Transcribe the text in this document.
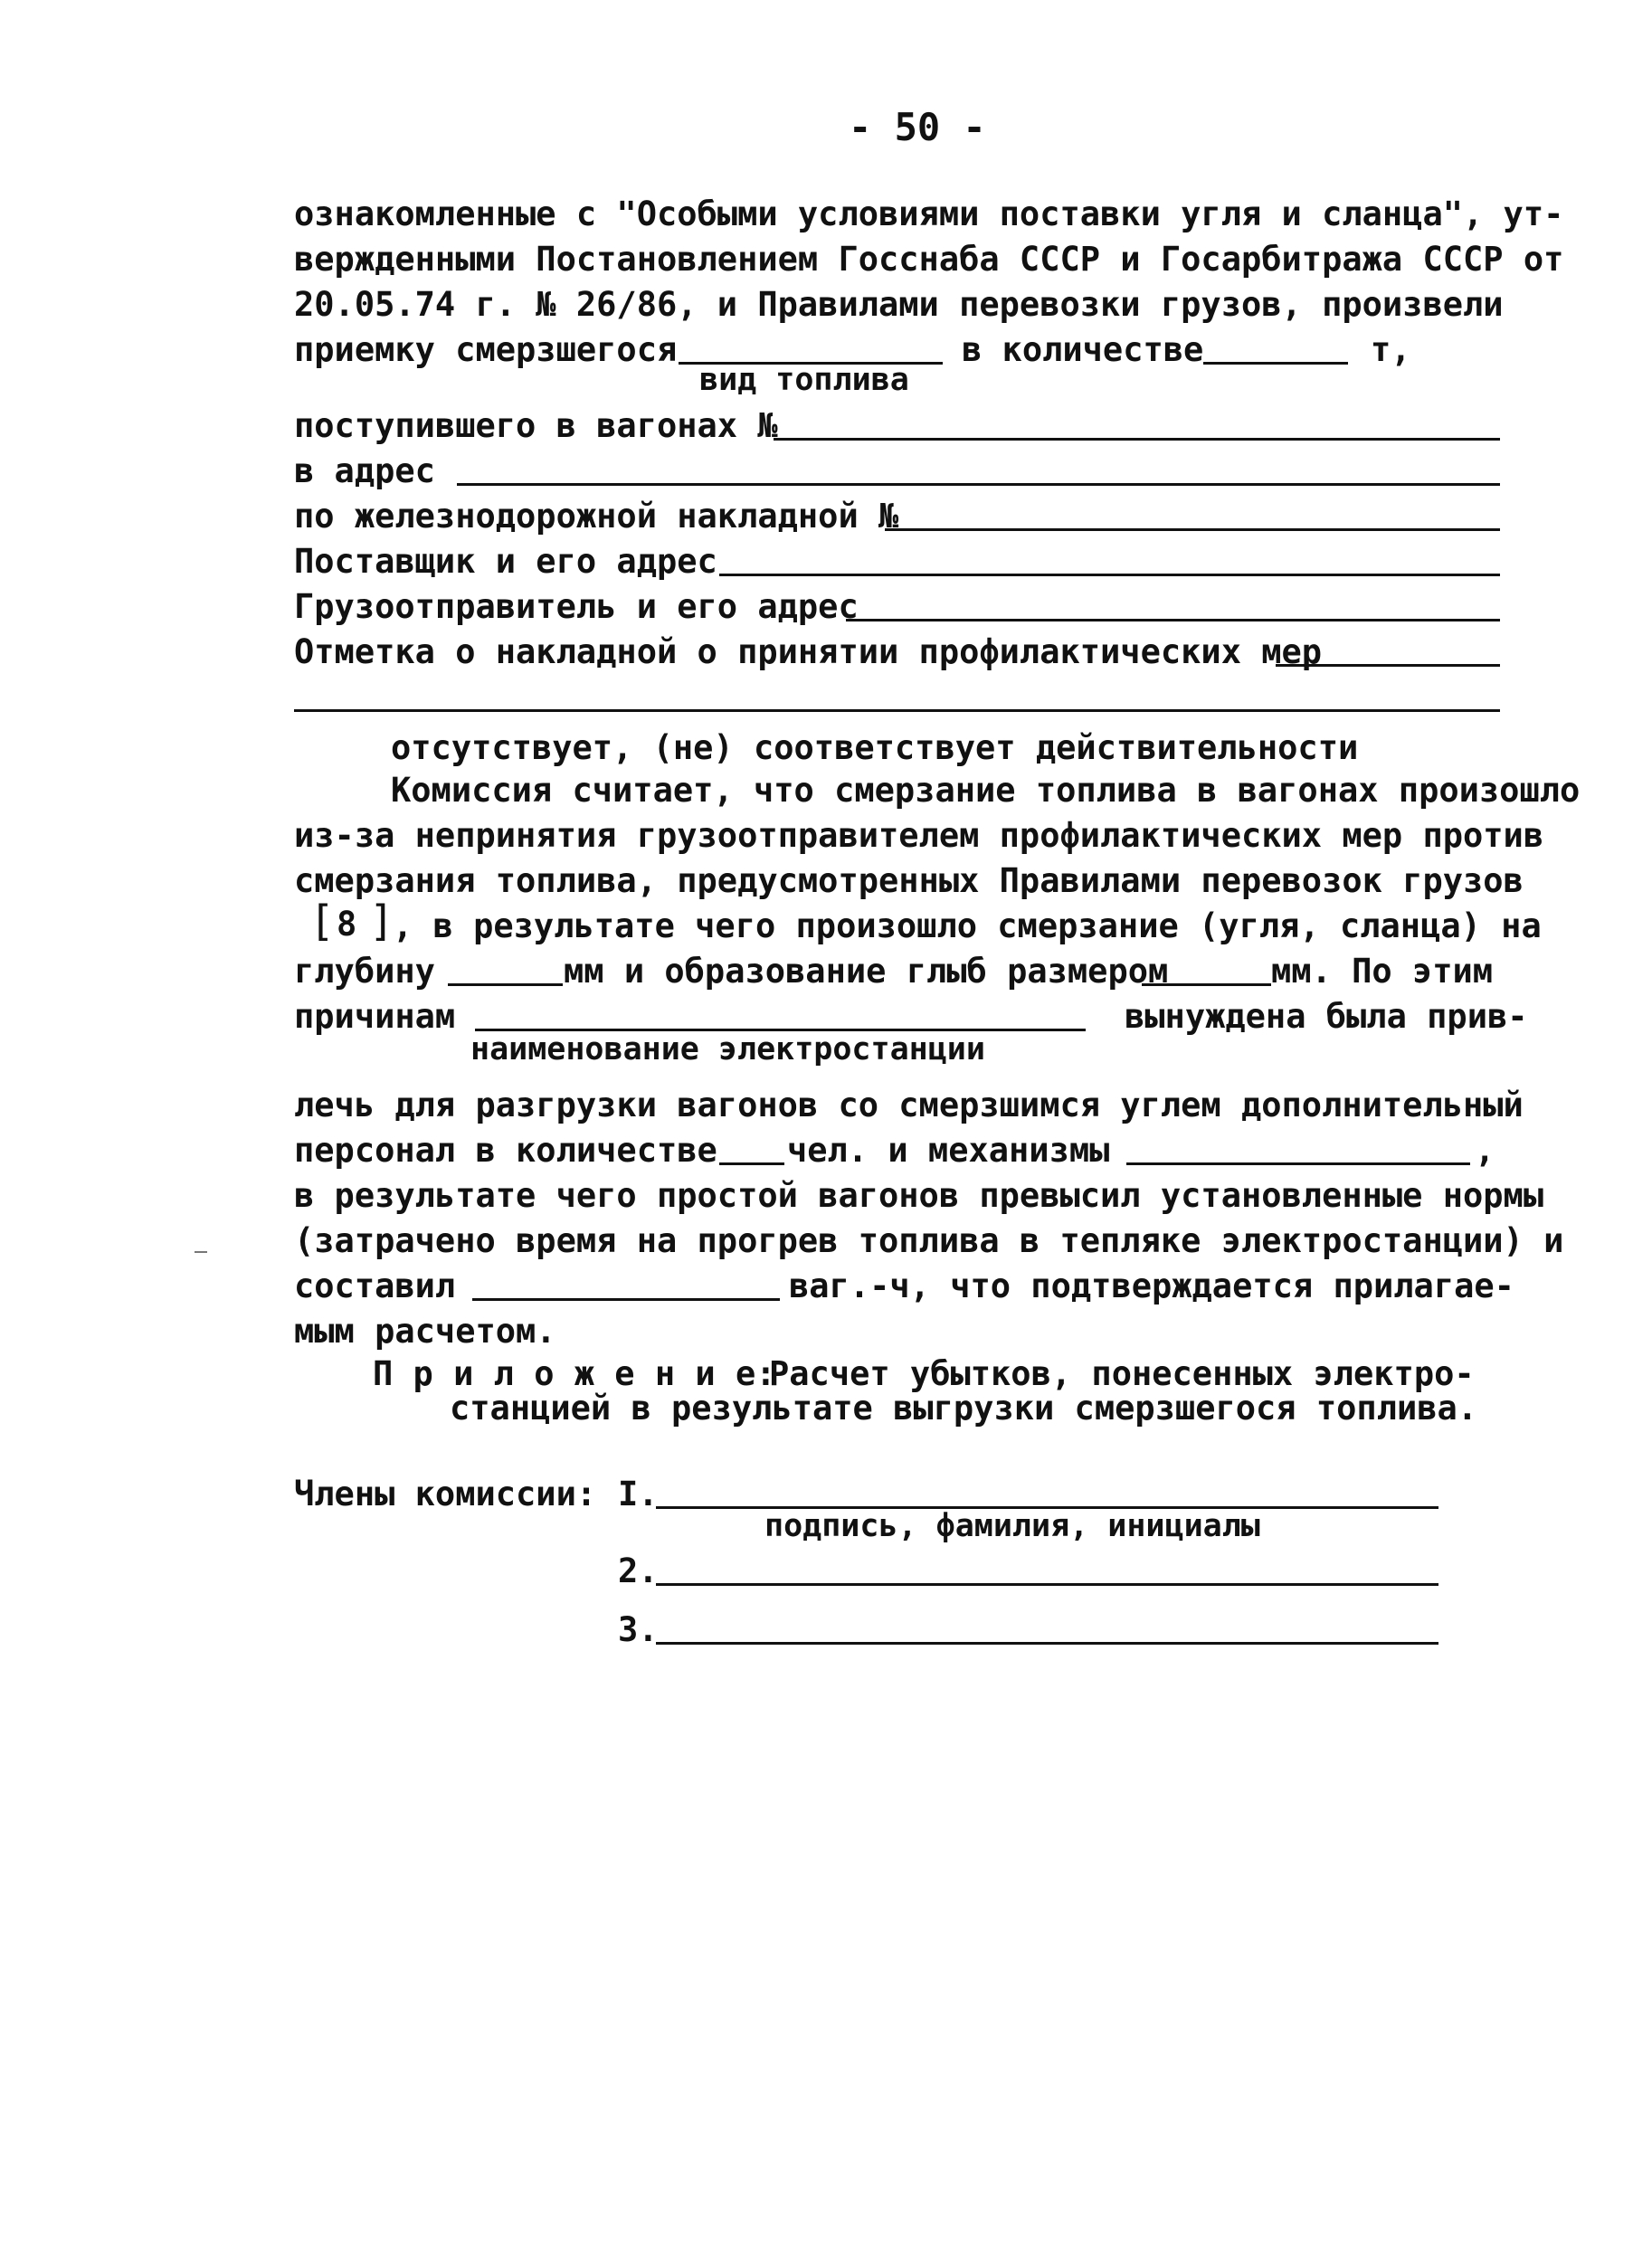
- 50 -
ознакомленные с "Особыми условиями поставки угля и сланца", ут-
вержденными Постановлением Госснаба СССР и Госарбитража СССР от
20.05.74 г. № 26/86, и Правилами перевозки грузов, произвели
приемку смерзшегося	в количестве	т,
вид топлива
поступившего в вагонах №
в адрес
по железнодорожной накладной №
Поставщик и его адрес
Грузоотправитель и его адрес
Отметка о накладной о принятии профилактических мер
отсутствует, (не) соответствует действительности
Комиссия считает, что смерзание топлива в вагонах произошло
из-за непринятия грузоотправителем профилактических мер против
смерзания топлива, предусмотренных Правилами перевозок грузов
[ 8 ]
, в результате чего произошло смерзание (угля, сланца) на
глубину	мм и образование глыб размером	мм. По этим
причинам	вынуждена была прив-
наименование электростанции
лечь для разгрузки вагонов со смерзшимся углем дополнительный
персонал в количестве чел. и механизмы	,
в результате чего простой вагонов превысил установленные нормы
(затрачено время на прогрев топлива в тепляке электростанции) и
составил	ваг.-ч, что подтверждается прилагае-
мым расчетом.
П р и л о ж е н и е:
Расчет убытков, понесенных электро-
станцией в результате выгрузки смерзшегося топлива.
Члены комиссии: I.
подпись, фамилия, инициалы
2.
3.
